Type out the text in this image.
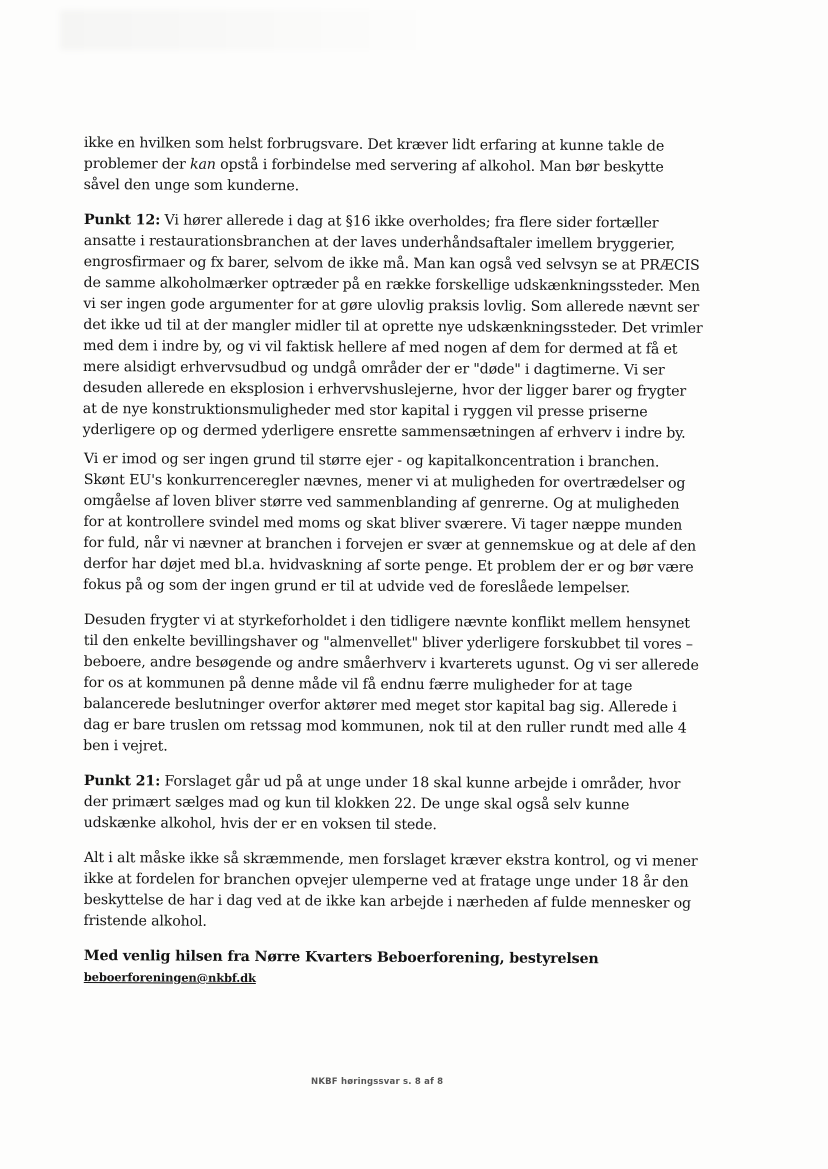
ikke en hvilken som helst forbrugsvare. Det kræver lidt erfaring at kunne takle de problemer der kan opstå i forbindelse med servering af alkohol. Man bør beskytte såvel den unge som kunderne.

Punkt 12: Vi hører allerede i dag at §16 ikke overholdes; fra flere sider fortæller ansatte i restaurationsbranchen at der laves underhåndsaftaler imellem bryggerier, engrosfirmaer og fx barer, selvom de ikke må. Man kan også ved selvsyn se at PRÆCIS de samme alkoholmærker optræder på en række forskellige udskænkningssteder. Men vi ser ingen gode argumenter for at gøre ulovlig praksis lovlig. Som allerede nævnt ser det ikke ud til at der mangler midler til at oprette nye udskænkningssteder. Det vrimler med dem i indre by, og vi vil faktisk hellere af med nogen af dem for dermed at få et mere alsidigt erhvervsudbud og undgå områder der er "døde" i dagtimerne. Vi ser desuden allerede en eksplosion i erhvervshuslejerne, hvor der ligger barer og frygter at de nye konstruktionsmuligheder med stor kapital i ryggen vil presse priserne yderligere op og dermed yderligere ensrette sammensætningen af erhverv i indre by.

Vi er imod og ser ingen grund til større ejer - og kapitalkoncentration i branchen. Skønt EU's konkurrenceregler nævnes, mener vi at muligheden for overtrædelser og omgåelse af loven bliver større ved sammenblanding af genrerne. Og at muligheden for at kontrollere svindel med moms og skat bliver sværere. Vi tager næppe munden for fuld, når vi nævner at branchen i forvejen er svær at gennemskue og at dele af den derfor har døjet med bl.a. hvidvaskning af sorte penge. Et problem der er og bør være fokus på og som der ingen grund er til at udvide ved de foreslåede lempelser.

Desuden frygter vi at styrkeforholdet i den tidligere nævnte konflikt mellem hensynet til den enkelte bevillingshaver og "almenvellet" bliver yderligere forskubbet til vores – beboere, andre besøgende og andre småerhverv i kvarterets ugunst. Og vi ser allerede for os at kommunen på denne måde vil få endnu færre muligheder for at tage balancerede beslutninger overfor aktører med meget stor kapital bag sig. Allerede i dag er bare truslen om retssag mod kommunen, nok til at den ruller rundt med alle 4 ben i vejret.

Punkt 21: Forslaget går ud på at unge under 18 skal kunne arbejde i områder, hvor der primært sælges mad og kun til klokken 22. De unge skal også selv kunne udskænke alkohol, hvis der er en voksen til stede.

Alt i alt måske ikke så skræmmende, men forslaget kræver ekstra kontrol, og vi mener ikke at fordelen for branchen opvejer ulemperne ved at fratage unge under 18 år den beskyttelse de har i dag ved at de ikke kan arbejde i nærheden af fulde mennesker og fristende alkohol.

Med venlig hilsen fra Nørre Kvarters Beboerforening, bestyrelsen
beboerforeningen@nkbf.dk
NKBF høringssvar s. 8 af 8
